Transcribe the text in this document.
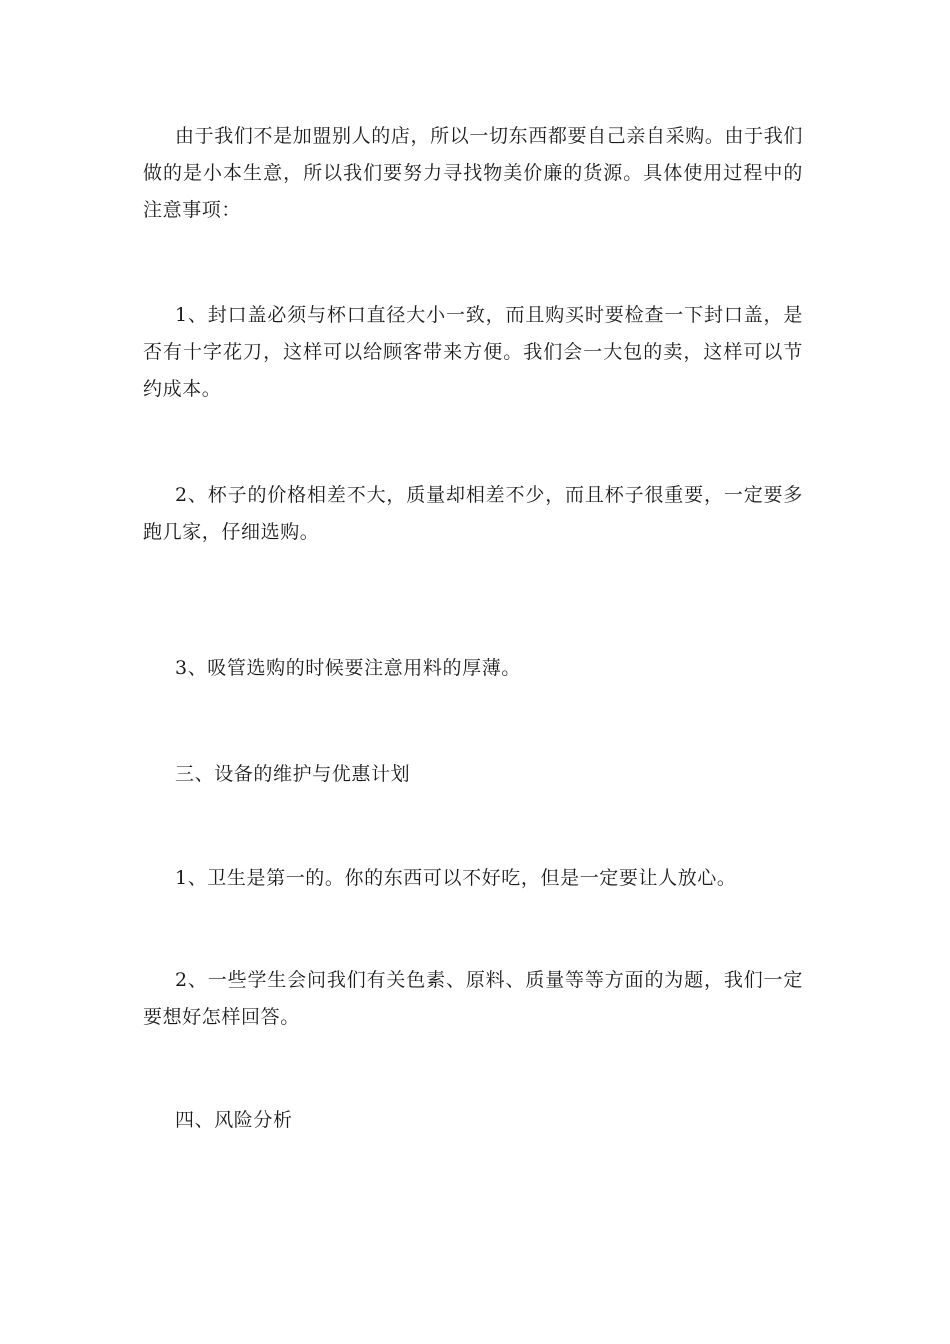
由于我们不是加盟别人的店，所以一切东西都要自己亲自采购。由于我们做的是小本生意，所以我们要努力寻找物美价廉的货源。具体使用过程中的注意事项：

1、封口盖必须与杯口直径大小一致，而且购买时要检查一下封口盖，是否有十字花刀，这样可以给顾客带来方便。我们会一大包的卖，这样可以节约成本。

2、杯子的价格相差不大，质量却相差不少，而且杯子很重要，一定要多跑几家，仔细选购。

3、吸管选购的时候要注意用料的厚薄。

三、设备的维护与优惠计划

1、卫生是第一的。你的东西可以不好吃，但是一定要让人放心。

2、一些学生会问我们有关色素、原料、质量等等方面的为题，我们一定要想好怎样回答。

四、风险分析
